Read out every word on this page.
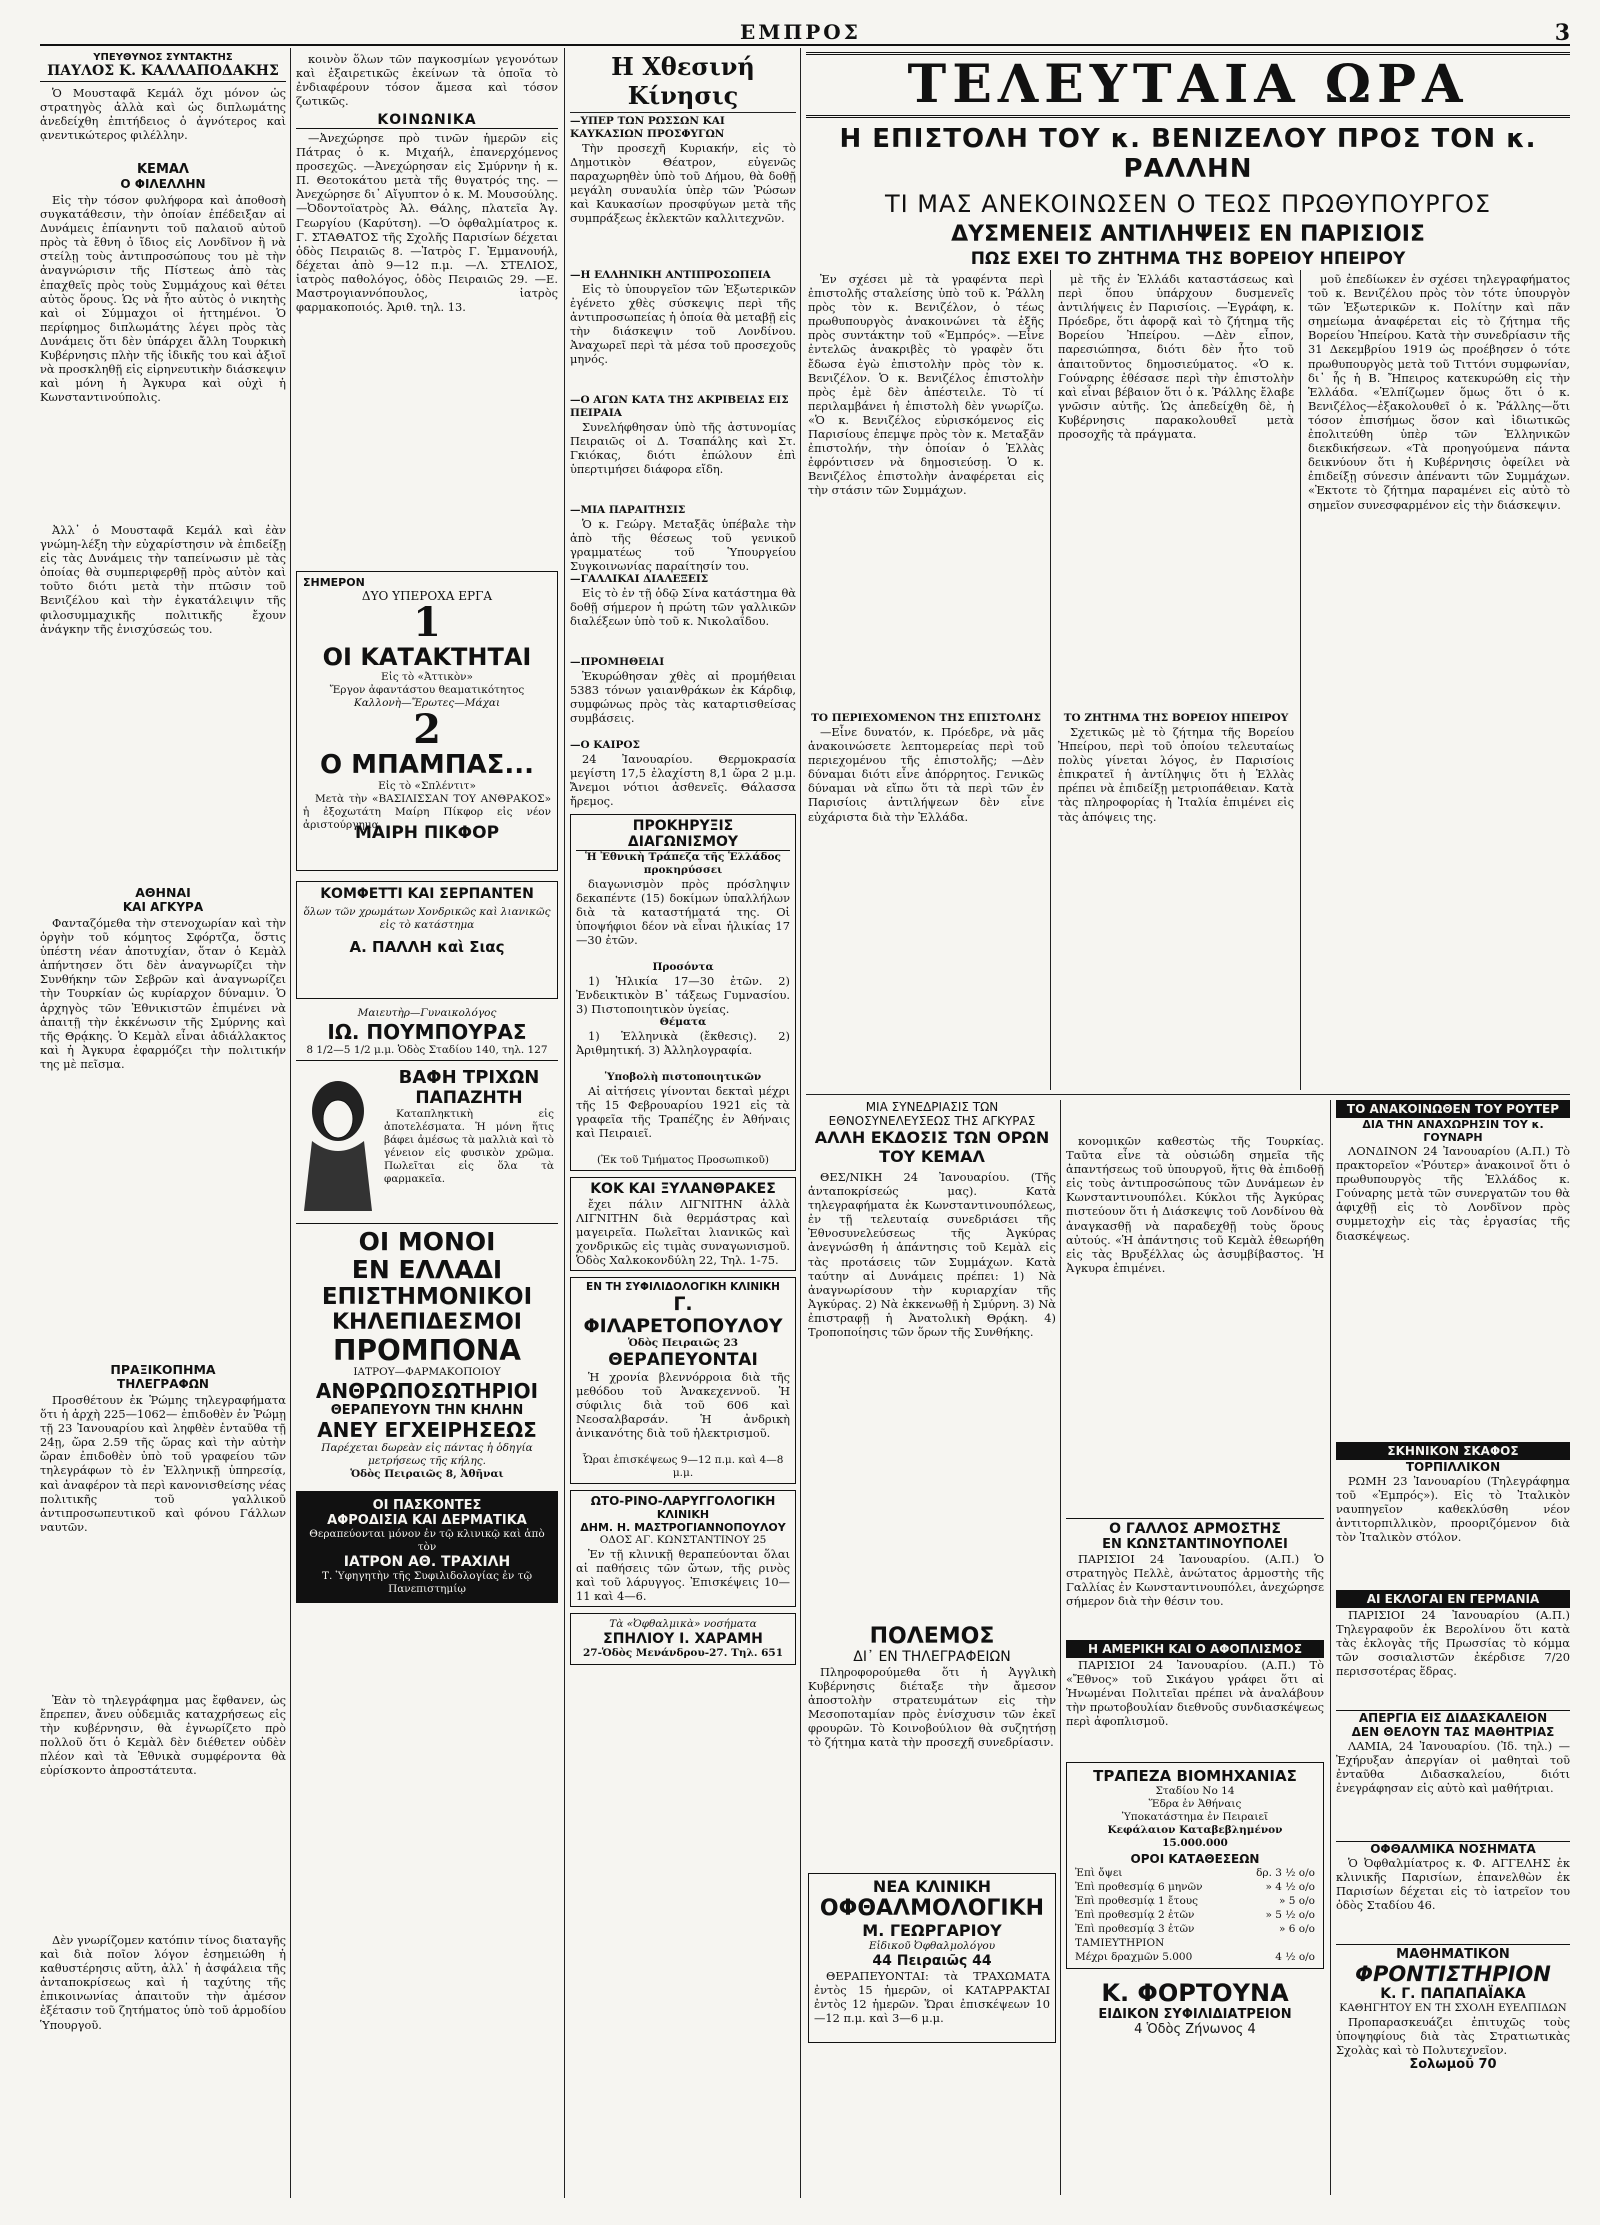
ΕΜΠΡΟΣ	3
ΥΠΕΥΘΥΝΟΣ ΣΥΝΤΑΚΤΗΣ
ΠΑΥΛΟΣ Κ. ΚΑΛΛΑΠΟΔΑΚΗΣ

Ὁ Μουσταφᾶ Κεμάλ ὄχι μόνον ὡς στρατηγὸς ἀλλὰ καὶ ὡς διπλωμάτης ἀνεδείχθη ἐπιτήδειος ὁ ἀγνότερος καὶ ᾳνεντικώτερος φιλέλλην.

ΚΕΜΑΛ
Ο ΦΙΛΕΛΛΗΝ

Εἰς τὴν τόσον φυλήφορα καὶ ἀποθοσὴ συγκατάθεσιν, τὴν ὁποίαν ἐπέδειξαν αἱ Δυνάμεις ἐπίανηντι τοῦ παλαιοῦ αὐτοῦ πρὸς τὰ ἔθνη ὁ ἴδιος εἰς Λονδῖνον ἢ νὰ στείλῃ τοὺς ἀντιπροσώπους του μὲ τὴν ἀναγνώρισιν τῆς Πίστεως ἀπὸ τὰς ἐπαχθεῖς πρὸς τοὺς Συμμάχους καὶ θέτει αὐτὸς ὅρους. Ὡς νὰ ἦτο αὐτὸς ὁ νικητὴς καὶ οἱ Σύμμαχοι οἱ ἡττημένοι. Ὁ περίφημος διπλωμάτης λέγει πρὸς τὰς Δυνάμεις ὅτι δὲν ὑπάρχει ἄλλη Τουρκικὴ Κυβέρνησις πλὴν τῆς ἰδικῆς του καὶ ἀξιοῖ νὰ προσκληθῇ εἰς εἰρηνευτικὴν διάσκεψιν καὶ μόνη ἡ Ἀγκυρα καὶ οὐχὶ ἡ Κωνσταντινούπολις.

Ἀλλ᾽ ὁ Μουσταφᾶ Κεμάλ καὶ ἐὰν γνώμη-λέξη τὴν εὐχαρίστησιν νὰ ἐπιδείξῃ εἰς τὰς Δυνάμεις τὴν ταπείνωσιν μὲ τὰς ὁποίας θὰ συμπεριφερθῇ πρὸς αὐτὸν καὶ τοῦτο διότι μετὰ τὴν πτῶσιν τοῦ Βενιζέλου καὶ τὴν ἐγκατάλειψιν τῆς φιλοσυμμαχικῆς πολιτικῆς ἔχουν ἀνάγκην τῆς ἐνισχύσεώς του.

ΑΘΗΝΑΙ
ΚΑΙ ΑΓΚΥΡΑ

Φανταζόμεθα τὴν στενοχωρίαν καὶ τὴν ὀργὴν τοῦ κόμητος Σφόρτζα, ὅστις ὑπέστη νέαν ἀποτυχίαν, ὅταν ὁ Κεμὰλ ἀπήντησεν ὅτι δὲν ἀναγνωρίζει τὴν Συνθήκην τῶν Σεβρῶν καὶ ἀναγνωρίζει τὴν Τουρκίαν ὡς κυρίαρχον δύναμιν. Ὁ ἀρχηγὸς τῶν Ἐθνικιστῶν ἐπιμένει νὰ ἀπαιτῇ τὴν ἐκκένωσιν τῆς Σμύρνης καὶ τῆς Θρᾴκης. Ὁ Κεμὰλ εἶναι ἀδιάλλακτος καὶ ἡ Ἀγκυρα ἐφαρμόζει τὴν πολιτικήν της μὲ πεῖσμα.

ΠΡΑΞΙΚΟΠΗΜΑ
ΤΗΛΕΓΡΑΦΩΝ

Προσθέτουν ἐκ Ῥώμης τηλεγραφήματα ὅτι ἡ ἀρχὴ 225—1062— ἐπιδοθὲν ἐν Ῥώμῃ τῇ 23 Ἰανουαρίου καὶ ληφθὲν ἐνταῦθα τῇ 24ῃ, ὥρα 2.59 τῆς ὥρας καὶ τὴν αὐτὴν ὥραν ἐπιδοθὲν ὑπὸ τοῦ γραφείου τῶν τηλεγράφων τὸ ἐν Ἐλληνικῇ ὑπηρεσίᾳ, καὶ ἀναφέρον τὰ περὶ κανονισθείσης νέας πολιτικῆς τοῦ γαλλικοῦ ἀντιπροσωπευτικοῦ καὶ φόνου Γάλλων ναυτῶν.

Ἐὰν τὸ τηλεγράφημα μας ἔφθανεν, ὡς ἔπρεπεν, ἄνευ οὐδεμιᾶς καταχρήσεως εἰς τὴν κυβέρνησιν, θὰ ἐγνωρίζετο πρὸ πολλοῦ ὅτι ὁ Κεμὰλ δὲν διέθετεν οὐδὲν πλέον καὶ τὰ Ἐθνικὰ συμφέροντα θὰ εὐρίσκοντο ἀπροστάτευτα.

Δὲν γνωρίζομεν κατόπιν τίνος διαταγῆς καὶ διὰ ποῖον λόγον ἐσημειώθη ἡ καθυστέρησις αὕτη, ἀλλ᾽ ἡ ἀσφάλεια τῆς ἀνταποκρίσεως καὶ ἡ ταχύτης τῆς ἐπικοινωνίας ἀπαιτοῦν τὴν ἀμέσον ἐξέτασιν τοῦ ζητήματος ὑπὸ τοῦ ἁρμοδίου Ὑπουργοῦ.

κοινὸν ὅλων τῶν παγκοσμίων γεγονότων καὶ ἐξαιρετικῶς ἐκείνων τὰ ὁποῖα τὸ ἐνδιαφέρουν τόσον ἄμεσα καὶ τόσον ζωτικῶς.

ΚΟΙΝΩΝΙΚΑ

—Ἀνεχώρησε πρὸ τινῶν ἡμερῶν εἰς Πάτρας ὁ κ. Μιχαήλ, ἐπανερχόμενος προσεχῶς. —Ἀνεχώρησαν εἰς Σμύρνην ἡ κ. Π. Θεοτοκάτου μετὰ τῆς θυγατρός της. —Ἀνεχώρησε δι᾽ Αἴγυπτον ὁ κ. Μ. Μουσούλης. —Ὀδοντοϊατρὸς Ἀλ. Θάλης, πλατεῖα Ἁγ. Γεωργίου (Καρύτση). —Ὁ ὀφθαλμίατρος κ. Γ. ΣΤΑΘΑΤΟΣ τῆς Σχολῆς Παρισίων δέχεται ὁδὸς Πειραιῶς 8. —Ἰατρὸς Γ. Ἐμμανουήλ, δέχεται ἀπὸ 9—12 π.μ. —Λ. ΣΤΕΛΙΟΣ, ἰατρὸς παθολόγος, ὁδὸς Πειραιῶς 29. —Ε. Μαστρογιαννόπουλος, ἰατρὸς φαρμακοποιός. Ἀριθ. τηλ. 13.

ΣΗΜΕΡΟΝ
ΔΥΟ ΥΠΕΡΟΧΑ ΕΡΓΑ
1
ΟΙ ΚΑΤΑΚΤΗΤΑΙ
Εἰς τὸ «Ἀττικὸν»
Ἔργον ἀφαντάστου θεαματικότητος
Καλλονὴ—Ἔρωτες—Μάχαι
2
Ο ΜΠΑΜΠΑΣ...
Εἰς τὸ «Σπλέντιτ»

Μετὰ τὴν «ΒΑΣΙΛΙΣΣΑΝ ΤΟΥ ΑΝΘΡΑΚΟΣ» ἡ ἐξοχωτάτη Μαίρη Πίκφορ εἰς νέον ἀριστούργημα.

ΜΑΙΡΗ ΠΙΚΦΟΡ
ΚΟΜΦΕΤΤΙ ΚΑΙ ΣΕΡΠΑΝΤΕΝ
ὅλων τῶν χρωμάτων Χονδρικῶς καὶ λιανικῶς εἰς τὸ κατάστημα
Α. ΠΑΛΛΗ καὶ Σιας
Μαιευτὴρ—Γυναικολόγος
ΙΩ. ΠΟΥΜΠΟΥΡΑΣ
8 1/2—5 1/2 μ.μ. Ὁδὸς Σταδίου 140, τηλ. 127
ΒΑΦΗ ΤΡΙΧΩΝ
ΠΑΠΑΖΗΤΗ

Καταπληκτικὴ εἰς ἀποτελέσματα. Ἡ μόνη ἥτις βάφει ἀμέσως τὰ μαλλιὰ καὶ τὸ γένειον εἰς φυσικὸν χρῶμα. Πωλεῖται εἰς ὅλα τὰ φαρμακεῖα.

ΟΙ ΜΟΝΟΙ
ΕΝ ΕΛΛΑΔΙ
ΕΠΙΣΤΗΜΟΝΙΚΟΙ
ΚΗΛΕΠΙΔΕΣΜΟΙ
ΠΡΟΜΠΟΝΑ
ΙΑΤΡΟΥ—ΦΑΡΜΑΚΟΠΟΙΟΥ
ΑΝΘΡΩΠΟΣΩΤΗΡΙΟΙ
ΘΕΡΑΠΕΥΟΥΝ ΤΗΝ ΚΗΛΗΝ
ΑΝΕΥ ΕΓΧΕΙΡΗΣΕΩΣ
Παρέχεται δωρεὰν εἰς πάντας ἡ ὁδηγία μετρήσεως τῆς κήλης.
Ὁδὸς Πειραιῶς 8, Ἀθῆναι
ΟΙ ΠΑΣΚΟΝΤΕΣ
ΑΦΡΟΔΙΣΙΑ ΚΑΙ ΔΕΡΜΑΤΙΚΑ
Θεραπεύονται μόνον ἐν τῷ κλινικῷ καὶ ἀπὸ τὸν
ΙΑΤΡΟΝ ΑΘ. ΤΡΑΧΙΛΗ
Τ. Ὑφηγητὴν τῆς Συφιλιδολογίας ἐν τῷ Πανεπιστημίῳ
Η Χθεσινή Κίνησις
—ΥΠΕΡ ΤΩΝ ΡΩΣΣΩΝ ΚΑΙ ΚΑΥΚΑΣΙΩΝ ΠΡΟΣΦΥΓΩΝ

Τὴν προσεχῆ Κυριακήν, εἰς τὸ Δημοτικὸν Θέατρον, εὐγενῶς παραχωρηθὲν ὑπὸ τοῦ Δήμου, θὰ δοθῇ μεγάλη συναυλία ὑπὲρ τῶν Ῥώσων καὶ Καυκασίων προσφύγων μετὰ τῆς συμπράξεως ἐκλεκτῶν καλλιτεχνῶν.

—Η ΕΛΛΗΝΙΚΗ ΑΝΤΙΠΡΟΣΩΠΕΙΑ

Εἰς τὸ ὑπουργεῖον τῶν Ἐξωτερικῶν ἐγένετο χθὲς σύσκεψις περὶ τῆς ἀντιπροσωπείας ἡ ὁποία θὰ μεταβῇ εἰς τὴν διάσκεψιν τοῦ Λονδίνου. Ἀναχωρεῖ περὶ τὰ μέσα τοῦ προσεχοῦς μηνός.

—Ο ΑΓΩΝ ΚΑΤΑ ΤΗΣ ΑΚΡΙΒΕΙΑΣ ΕΙΣ ΠΕΙΡΑΙΑ

Συνελήφθησαν ὑπὸ τῆς ἀστυνομίας Πειραιῶς οἱ Δ. Τσαπάλης καὶ Στ. Γκιόκας, διότι ἐπώλουν ἐπὶ ὑπερτιμήσει διάφορα εἴδη.

—ΜΙΑ ΠΑΡΑΙΤΗΣΙΣ

Ὁ κ. Γεώργ. Μεταξᾶς ὑπέβαλε τὴν ἀπὸ τῆς θέσεως τοῦ γενικοῦ γραμματέως τοῦ Ὑπουργείου Συγκοινωνίας παραίτησίν του.

—ΓΑΛΛΙΚΑΙ ΔΙΑΛΕΞΕΙΣ

Εἰς τὸ ἐν τῇ ὁδῷ Σίνα κατάστημα θὰ δοθῇ σήμερον ἡ πρώτη τῶν γαλλικῶν διαλέξεων ὑπὸ τοῦ κ. Νικολαΐδου.

—ΠΡΟΜΗΘΕΙΑΙ

Ἐκυρώθησαν χθὲς αἱ προμήθειαι 5383 τόνων γαιανθράκων ἐκ Κάρδιφ, συμφώνως πρὸς τὰς καταρτισθείσας συμβάσεις.

—Ο ΚΑΙΡΟΣ

24 Ἰανουαρίου. Θερμοκρασία μεγίστη 17,5 ἐλαχίστη 8,1 ὥρα 2 μ.μ. Ἄνεμοι νότιοι ἀσθενεῖς. Θάλασσα ἤρεμος.

ΠΡΟΚΗΡΥΞΙΣ ΔΙΑΓΩΝΙΣΜΟΥ
Ἡ Ἐθνικὴ Τράπεζα τῆς Ἑλλάδος προκηρύσσει

διαγωνισμὸν πρὸς πρόσληψιν δεκαπέντε (15) δοκίμων ὑπαλλήλων διὰ τὰ καταστήματά της. Οἱ ὑποψήφιοι δέον νὰ εἶναι ἠλικίας 17—30 ἐτῶν.

Προσόντα

1) Ἡλικία 17—30 ἐτῶν. 2) Ἐνδεικτικὸν Β᾽ τάξεως Γυμνασίου. 3) Πιστοποιητικὸν ὑγείας.

Θέματα

1) Ἑλληνικὰ (ἔκθεσις). 2) Ἀριθμητική. 3) Ἀλληλογραφία.

Ὑποβολὴ πιστοποιητικῶν

Αἱ αἰτήσεις γίνονται δεκταὶ μέχρι τῆς 15 Φεβρουαρίου 1921 εἰς τὰ γραφεῖα τῆς Τραπέζης ἐν Ἀθήναις καὶ Πειραιεῖ.

(Ἐκ τοῦ Τμήματος Προσωπικοῦ)
ΚΟΚ ΚΑΙ ΞΥΛΑΝΘΡΑΚΕΣ

ἔχει πάλιν ΛΙΓΝΙΤΗΝ ἀλλὰ ΛΙΓΝΙΤΗΝ διὰ θερμάστρας καὶ μαγειρεῖα. Πωλεῖται λιανικῶς καὶ χονδρικῶς εἰς τιμὰς συναγωνισμοῦ. Ὁδὸς Χαλκοκονδύλη 22, Τηλ. 1-75.

ΕΝ ΤΗ ΣΥΦΙΛΙΔΟΛΟΓΙΚΗ ΚΛΙΝΙΚΗ
Γ. ΦΙΛΑΡΕΤΟΠΟΥΛΟΥ
Ὁδὸς Πειραιῶς 23
ΘΕΡΑΠΕΥΟΝΤΑΙ

Ἡ χρονία βλεννόρροια διὰ τῆς μεθόδου τοῦ Ἀνακεχεννοῦ. Ἡ σύφιλις διὰ τοῦ 606 καὶ Νεοσαλβαρσάν. Ἡ ἀνδρικὴ ἀνικανότης διὰ τοῦ ἠλεκτρισμοῦ.

Ὧραι ἐπισκέψεως 9—12 π.μ. καὶ 4—8 μ.μ.
ΩΤΟ-ΡΙΝΟ-ΛΑΡΥΓΓΟΛΟΓΙΚΗ
ΚΛΙΝΙΚΗ
ΔΗΜ. Η. ΜΑΣΤΡΟΓΙΑΝΝΟΠΟΥΛΟΥ
ΟΔΟΣ ΑΓ. ΚΩΝΣΤΑΝΤΙΝΟΥ 25

Ἐν τῇ κλινικῇ θεραπεύονται ὅλαι αἱ παθήσεις τῶν ὤτων, τῆς ρινὸς καὶ τοῦ λάρυγγος. Ἐπισκέψεις 10—11 καὶ 4—6.

Τὰ «Ὀφθαλμικὰ» νοσήματα
ΣΠΗΛΙΟΥ Ι. ΧΑΡΑΜΗ
27-Ὁδὸς Μενάνδρου-27. Τηλ. 651
ΤΕΛΕΥΤΑΙΑ ΩΡΑ
Η ΕΠΙΣΤΟΛΗ ΤΟΥ κ. ΒΕΝΙΖΕΛΟΥ ΠΡΟΣ ΤΟΝ κ. ΡΑΛΛΗΝ
ΤΙ ΜΑΣ ΑΝΕΚΟΙΝΩΣΕΝ Ο ΤΕΩΣ ΠΡΩΘΥΠΟΥΡΓΟΣ
ΔΥΣΜΕΝΕΙΣ ΑΝΤΙΛΗΨΕΙΣ ΕΝ ΠΑΡΙΣΙΟΙΣ
ΠΩΣ ΕΧΕΙ ΤΟ ΖΗΤΗΜΑ ΤΗΣ ΒΟΡΕΙΟΥ ΗΠΕΙΡΟΥ

Ἐν σχέσει μὲ τὰ γραφέντα περὶ ἐπιστολῆς σταλείσης ὑπὸ τοῦ κ. Ῥάλλη πρὸς τὸν κ. Βενιζέλον, ὁ τέως πρωθυπουργὸς ἀνακοινώνει τὰ ἑξῆς πρὸς συντάκτην τοῦ «Ἐμπρός». —Εἶνε ἐντελῶς ἀνακριβὲς τὸ γραφὲν ὅτι ἔδωσα ἐγὼ ἐπιστολὴν πρὸς τὸν κ. Βενιζέλον. Ὁ κ. Βενιζέλος ἐπιστολὴν πρὸς ἐμὲ δὲν ἀπέστειλε. Τὸ τί περιλαμβάνει ἡ ἐπιστολὴ δὲν γνωρίζω. «Ὁ κ. Βενιζέλος εὑρισκόμενος εἰς Παρισίους ἐπεμψε πρὸς τὸν κ. Μεταξᾶν ἐπιστολήν, τὴν ὁποίαν ὁ Ἑλλὰς ἐφρόντισεν νὰ δημοσιεύσῃ. Ὁ κ. Βενιζέλος ἐπιστολὴν ἀναφέρεται εἰς τὴν στάσιν τῶν Συμμάχων.

ΤΟ ΠΕΡΙΕΧΟΜΕΝΟΝ ΤΗΣ ΕΠΙΣΤΟΛΗΣ

—Εἶνε δυνατόν, κ. Πρόεδρε, νὰ μᾶς ἀνακοινώσετε λεπτομερείας περὶ τοῦ περιεχομένου τῆς ἐπιστολῆς; —Δὲν δύναμαι διότι εἶνε ἀπόρρητος. Γενικῶς δύναμαι νὰ εἴπω ὅτι τὰ περὶ τῶν ἐν Παρισίοις ἀντιλήψεων δὲν εἶνε εὐχάριστα διὰ τὴν Ἑλλάδα.

μὲ τῆς ἐν Ἑλλάδι καταστάσεως καὶ περὶ ὅπου ὑπάρχουν δυσμενεῖς ἀντιλήψεις ἐν Παρισίοις. —Ἐγράφη, κ. Πρόεδρε, ὅτι ἀφορᾷ καὶ τὸ ζήτημα τῆς Βορείου Ἠπείρου. —Δὲν εἶπον, παρεσιώπησα, διότι δὲν ἦτο τοῦ ἀπαιτοῦντος δημοσιεύματος. «Ὁ κ. Γούναρης ἐθέσασε περὶ τὴν ἐπιστολὴν καὶ εἶναι βέβαιον ὅτι ὁ κ. Ῥάλλης ἔλαβε γνῶσιν αὐτῆς. Ὡς ἀπεδείχθη δὲ, ἡ Κυβέρνησις παρακολουθεῖ μετὰ προσοχῆς τὰ πράγματα.

ΤΟ ΖΗΤΗΜΑ ΤΗΣ ΒΟΡΕΙΟΥ ΗΠΕΙΡΟΥ

Σχετικῶς μὲ τὸ ζήτημα τῆς Βορείου Ἠπείρου, περὶ τοῦ ὁποίου τελευταίως πολὺς γίνεται λόγος, ἐν Παρισίοις ἐπικρατεῖ ἡ ἀντίληψις ὅτι ἡ Ἑλλὰς πρέπει νὰ ἐπιδείξῃ μετριοπάθειαν. Κατὰ τὰς πληροφορίας ἡ Ἰταλία ἐπιμένει εἰς τὰς ἀπόψεις της.

μοῦ ἐπεδίωκεν ἐν σχέσει τηλεγραφήματος τοῦ κ. Βενιζέλου πρὸς τὸν τότε ὑπουργὸν τῶν Ἐξωτερικῶν κ. Πολίτην καὶ πᾶν σημείωμα ἀναφέρεται εἰς τὸ ζήτημα τῆς Βορείου Ἠπείρου. Κατὰ τὴν συνεδρίασιν τῆς 31 Δεκεμβρίου 1919 ὡς προέβησεν ὁ τότε πρωθυπουργὸς μετὰ τοῦ Τιττόνι συμφωνίαν, δι᾽ ἧς ἡ Β. Ἤπειρος κατεκυρώθη εἰς τὴν Ἑλλάδα. «Ἐλπίζωμεν ὅμως ὅτι ὁ κ. Βενιζέλος—ἐξακολουθεῖ ὁ κ. Ῥάλλης—ὅτι τόσον ἐπισήμως ὅσον καὶ ἰδιωτικῶς ἐπολιτεύθη ὑπὲρ τῶν Ἑλληνικῶν διεκδικήσεων. «Τὰ προηγούμενα πάντα δεικνύουν ὅτι ἡ Κυβέρνησις ὀφείλει νὰ ἐπιδείξῃ σύνεσιν ἀπέναντι τῶν Συμμάχων. «Ἐκτοτε τὸ ζήτημα παραμένει εἰς αὐτὸ τὸ σημεῖον συνεσφαρμένον εἰς τὴν διάσκεψιν.

ΜΙΑ ΣΥΝΕΔΡΙΑΣΙΣ ΤΩΝ ΕΘΝΟΣΥΝΕΛΕΥΣΕΩΣ ΤΗΣ ΑΓΚΥΡΑΣ
ΑΛΛΗ ΕΚΔΟΣΙΣ ΤΩΝ ΟΡΩΝ ΤΟΥ ΚΕΜΑΛ

ΘΕΣ/ΝΙΚΗ 24 Ἰανουαρίου. (Τῆς ἀνταποκρίσεώς μας). Κατὰ τηλεγραφήματα ἐκ Κωνσταντινουπόλεως, ἐν τῇ τελευταίᾳ συνεδριάσει τῆς Ἐθνοσυνελεύσεως τῆς Ἀγκύρας ἀνεγνώσθη ἡ ἀπάντησις τοῦ Κεμὰλ εἰς τὰς προτάσεις τῶν Συμμάχων. Κατὰ ταύτην αἱ Δυνάμεις πρέπει: 1) Νὰ ἀναγνωρίσουν τὴν κυριαρχίαν τῆς Ἀγκύρας. 2) Νὰ ἐκκενωθῇ ἡ Σμύρνη. 3) Νὰ ἐπιστραφῇ ἡ Ἀνατολικὴ Θρᾴκη. 4) Τροποποίησις τῶν ὅρων τῆς Συνθήκης.

ΠΟΛΕΜΟΣ
ΔΙ᾽ ΕΝ ΤΗΛΕΓΡΑΦΕΙΩΝ

Πληροφορούμεθα ὅτι ἡ Ἀγγλικὴ Κυβέρνησις διέταξε τὴν ἄμεσον ἀποστολὴν στρατευμάτων εἰς τὴν Μεσοποταμίαν πρὸς ἐνίσχυσιν τῶν ἐκεῖ φρουρῶν. Τὸ Κοινοβούλιον θὰ συζητήσῃ τὸ ζήτημα κατὰ τὴν προσεχῆ συνεδρίασιν.

ΝΕΑ ΚΛΙΝΙΚΗ
ΟΦΘΑΛΜΟΛΟΓΙΚΗ
Μ. ΓΕΩΡΓΑΡΙΟΥ
Εἰδικοῦ Ὀφθαλμολόγου
44 Πειραιῶς 44

ΘΕΡΑΠΕΥΟΝΤΑΙ: τὰ ΤΡΑΧΩΜΑΤΑ ἐντὸς 15 ἡμερῶν, οἱ ΚΑΤΑΡΡΑΚΤΑΙ ἐντὸς 12 ἡμερῶν. Ὥραι ἐπισκέψεων 10—12 π.μ. καὶ 3—6 μ.μ.

κονομικῶν καθεστὼς τῆς Τουρκίας. Ταῦτα εἶνε τὰ οὐσιώδη σημεῖα τῆς ἀπαντήσεως τοῦ ὑπουργοῦ, ἥτις θὰ ἐπιδοθῇ εἰς τοὺς ἀντιπροσώπους τῶν Δυνάμεων ἐν Κωνσταντινουπόλει. Κύκλοι τῆς Ἀγκύρας πιστεύουν ὅτι ἡ Διάσκεψις τοῦ Λονδίνου θὰ ἀναγκασθῇ νὰ παραδεχθῇ τοὺς ὅρους αὐτούς. «Ἡ ἀπάντησις τοῦ Κεμὰλ ἐθεωρήθη εἰς τὰς Βρυξέλλας ὡς ἀσυμβίβαστος. Ἡ Ἀγκυρα ἐπιμένει.

Ο ΓΑΛΛΟΣ ΑΡΜΟΣΤΗΣ
ΕΝ ΚΩΝΣΤΑΝΤΙΝΟΥΠΟΛΕΙ

ΠΑΡΙΣΙΟΙ 24 Ἰανουαρίου. (Α.Π.) Ὁ στρατηγὸς Πελλὲ, ἀνώτατος ἁρμοστὴς τῆς Γαλλίας ἐν Κωνσταντινουπόλει, ἀνεχώρησε σήμερον διὰ τὴν θέσιν του.

Η ΑΜΕΡΙΚΗ ΚΑΙ Ο ΑΦΟΠΛΙΣΜΟΣ

ΠΑΡΙΣΙΟΙ 24 Ἰανουαρίου. (Α.Π.) Τὸ «Ἔθνος» τοῦ Σικάγου γράφει ὅτι αἱ Ἡνωμέναι Πολιτεῖαι πρέπει νὰ ἀναλάβουν τὴν πρωτοβουλίαν διεθνοῦς συνδιασκέψεως περὶ ἀφοπλισμοῦ.

ΤΡΑΠΕΖΑ ΒΙΟΜΗΧΑΝΙΑΣ
Σταδίου Νο 14
Ἕδρα ἐν Ἀθήναις
Ὑποκατάστημα ἐν Πειραιεῖ
Κεφάλαιον Καταβεβλημένον 15.000.000
ΟΡΟΙ ΚΑΤΑΘΕΣΕΩΝ
Ἐπὶ ὄψει	δρ. 3 ½ ο/ο
Ἐπὶ προθεσμίᾳ 6 μηνῶν	» 4 ½ ο/ο
Ἐπὶ προθεσμίᾳ 1 ἔτους	» 5 ο/ο
Ἐπὶ προθεσμίᾳ 2 ἐτῶν	» 5 ½ ο/ο
Ἐπὶ προθεσμίᾳ 3 ἐτῶν	» 6 ο/ο
ΤΑΜΙΕΥΤΗΡΙΟΝ	
Μέχρι δραχμῶν 5.000	4 ½ ο/ο
Κ. ΦΟΡΤΟΥΝΑ
ΕΙΔΙΚΟΝ ΣΥΦΙΛΙΔΙΑΤΡΕΙΟΝ
4 Ὁδὸς Ζήνωνος 4
ΤΟ ΑΝΑΚΟΙΝΩΘΕΝ ΤΟΥ ΡΟΥΤΕΡ
ΔΙΑ ΤΗΝ ΑΝΑΧΩΡΗΣΙΝ ΤΟΥ κ. ΓΟΥΝΑΡΗ

ΛΟΝΔΙΝΟΝ 24 Ἰανουαρίου (Α.Π.) Τὸ πρακτορεῖον «Ῥόυτερ» ἀνακοινοῖ ὅτι ὁ πρωθυπουργὸς τῆς Ἑλλάδος κ. Γούναρης μετὰ τῶν συνεργατῶν του θὰ ἀφιχθῇ εἰς τὸ Λονδῖνον πρὸς συμμετοχὴν εἰς τὰς ἐργασίας τῆς διασκέψεως.

ΣΚΗΝΙΚΟΝ ΣΚΑΦΟΣ
ΤΟΡΠΙΛΛΙΚΟΝ

ΡΩΜΗ 23 Ἰανουαρίου (Τηλεγράφημα τοῦ «Ἐμπρός»). Εἰς τὸ Ἰταλικὸν ναυπηγεῖον καθεκλύσθη νέον ἀντιτορπιλλικὸν, προοριζόμενον διὰ τὸν Ἰταλικὸν στόλον.

ΑΙ ΕΚΛΟΓΑΙ ΕΝ ΓΕΡΜΑΝΙΑ

ΠΑΡΙΣΙΟΙ 24 Ἰανουαρίου (Α.Π.) Τηλεγραφοῦν ἐκ Βερολίνου ὅτι κατὰ τὰς ἐκλογὰς τῆς Πρωσσίας τὸ κόμμα τῶν σοσιαλιστῶν ἐκέρδισε 7/20 περισσοτέρας ἕδρας.

ΑΠΕΡΓΙΑ ΕΙΣ ΔΙΔΑΣΚΑΛΕΙΟΝ
ΔΕΝ ΘΕΛΟΥΝ ΤΑΣ ΜΑΘΗΤΡΙΑΣ

ΛΑΜΙΑ, 24 Ἰανουαρίου. (Ἰδ. τηλ.) —Ἐχήρυξαν ἀπεργίαν οἱ μαθηταὶ τοῦ ἐνταῦθα Διδασκαλείου, διότι ἐνεγράφησαν εἰς αὐτὸ καὶ μαθήτριαι.

ΟΦΘΑΛΜΙΚΑ ΝΟΣΗΜΑΤΑ

Ὁ Ὀφθαλμίατρος κ. Φ. ΑΓΓΕΛΗΣ ἐκ κλινικῆς Παρισίων, ἐπανελθὼν ἐκ Παρισίων δέχεται εἰς τὸ ἰατρεῖον του ὁδὸς Σταδίου 46.

ΜΑΘΗΜΑΤΙΚΟΝ
ΦΡΟΝΤΙΣΤΗΡΙΟΝ
Κ. Γ. ΠΑΠΑΠΑΪΑΚΑ
ΚΑΘΗΓΗΤΟΥ ΕΝ ΤΗ ΣΧΟΛΗ ΕΥΕΛΠΙΔΩΝ

Προπαρασκευάζει ἐπιτυχῶς τοὺς ὑποψηφίους διὰ τὰς Στρατιωτικὰς Σχολὰς καὶ τὸ Πολυτεχνεῖον.

Σολωμοῦ 70
